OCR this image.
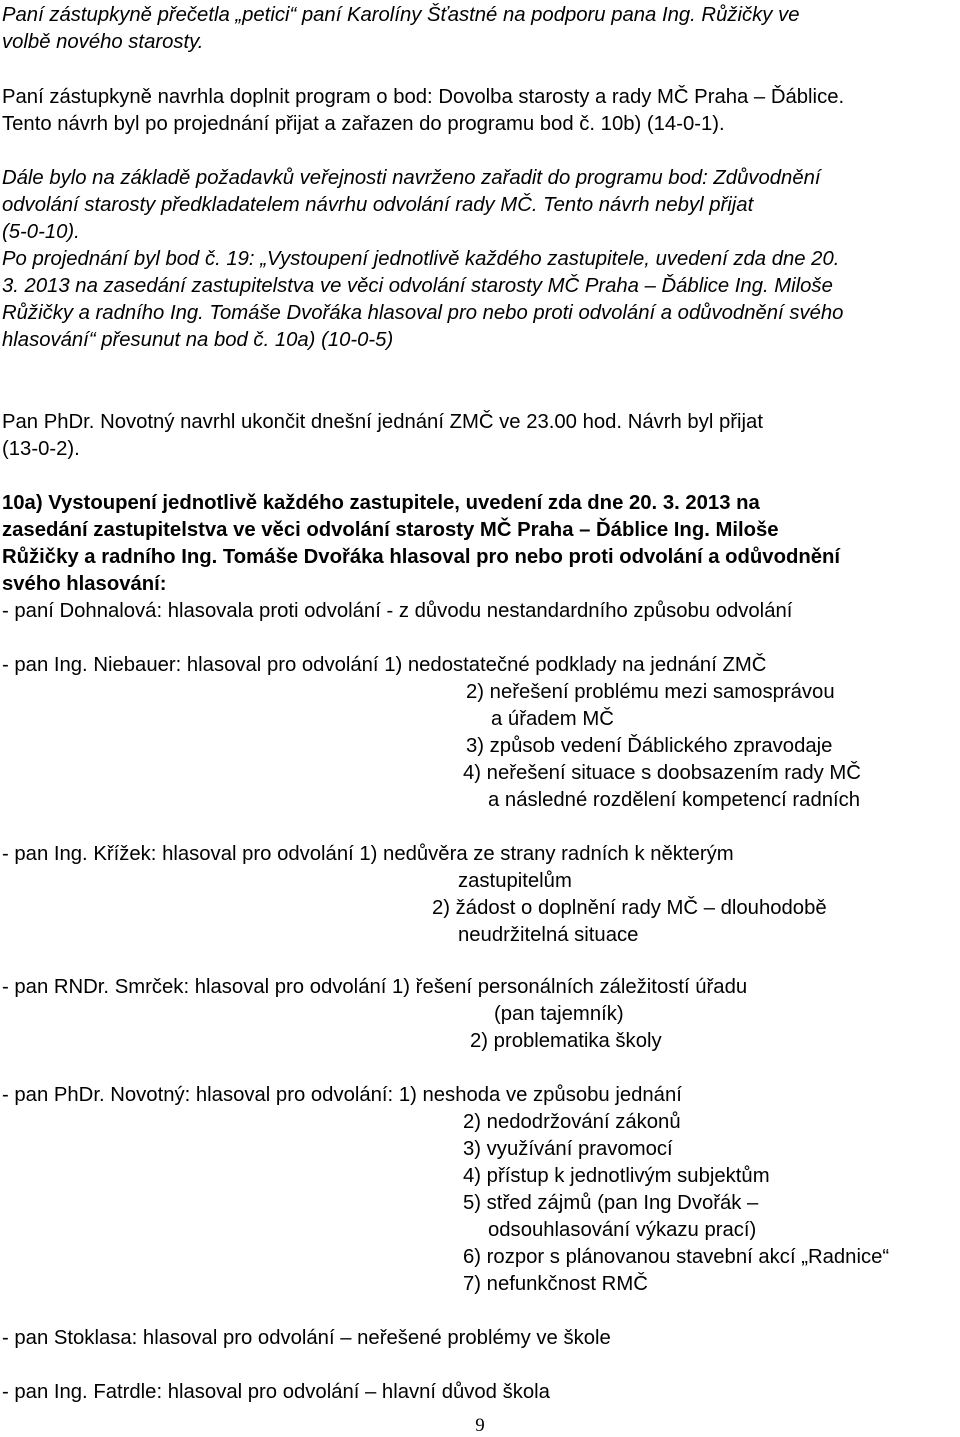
Paní zástupkyně přečetla „petici“ paní Karolíny Šťastné na podporu pana Ing. Růžičky ve
volbě nového starosty.
Paní zástupkyně navrhla doplnit program o bod: Dovolba starosty a rady MČ Praha – Ďáblice.
Tento návrh byl po projednání přijat a zařazen do programu bod č. 10b) (14-0-1).
Dále bylo na základě požadavků veřejnosti navrženo zařadit do programu bod: Zdůvodnění
odvolání starosty předkladatelem návrhu odvolání rady MČ. Tento návrh nebyl přijat
(5-0-10).
Po projednání byl bod č. 19: „Vystoupení jednotlivě každého zastupitele, uvedení zda dne 20.
3. 2013 na zasedání zastupitelstva ve věci odvolání starosty MČ Praha – Ďáblice Ing. Miloše
Růžičky a radního Ing. Tomáše Dvořáka hlasoval pro nebo proti odvolání a odůvodnění svého
hlasování“ přesunut na bod č. 10a) (10-0-5)
Pan PhDr. Novotný navrhl ukončit dnešní jednání ZMČ ve 23.00 hod. Návrh byl přijat
(13-0-2).
10a) Vystoupení jednotlivě každého zastupitele, uvedení zda dne 20. 3. 2013 na
zasedání zastupitelstva ve věci odvolání starosty MČ Praha – Ďáblice Ing. Miloše
Růžičky a radního Ing. Tomáše Dvořáka hlasoval pro nebo proti odvolání a odůvodnění
svého hlasování:
- paní Dohnalová: hlasovala proti odvolání - z důvodu nestandardního způsobu odvolání
- pan Ing. Niebauer: hlasoval pro odvolání 1) nedostatečné podklady na jednání ZMČ
2) neřešení problému mezi samosprávou
a úřadem MČ
3) způsob vedení Ďáblického zpravodaje
4) neřešení situace s doobsazením rady MČ
a následné rozdělení kompetencí radních
- pan Ing. Křížek: hlasoval pro odvolání 1) nedůvěra ze strany radních k některým
zastupitelům
2) žádost o doplnění rady MČ – dlouhodobě
neudržitelná situace
- pan RNDr. Smrček: hlasoval pro odvolání 1) řešení personálních záležitostí úřadu
(pan tajemník)
2) problematika školy
- pan PhDr. Novotný: hlasoval pro odvolání: 1) neshoda ve způsobu jednání
2) nedodržování zákonů
3) využívání pravomocí
4) přístup k jednotlivým subjektům
5) střed zájmů (pan Ing Dvořák –
odsouhlasování výkazu prací)
6) rozpor s plánovanou stavební akcí „Radnice“
7) nefunkčnost RMČ
- pan Stoklasa: hlasoval pro odvolání – neřešené problémy ve škole
- pan Ing. Fatrdle: hlasoval pro odvolání – hlavní důvod škola
9
